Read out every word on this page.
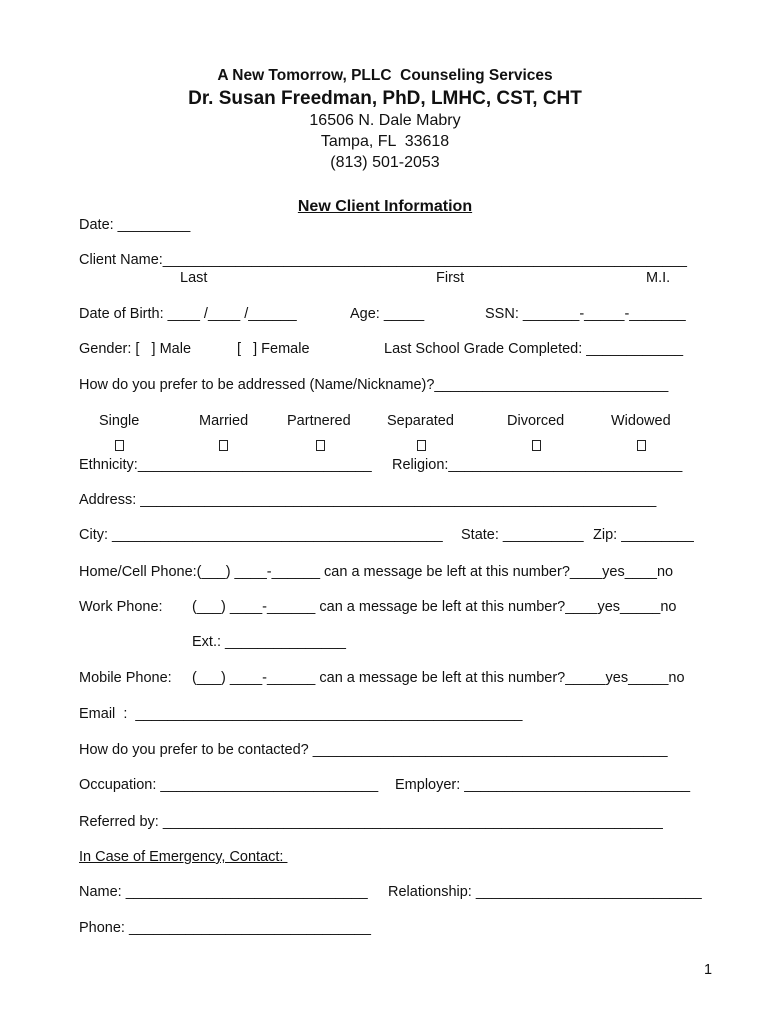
A New Tomorrow, PLLC  Counseling Services
Dr. Susan Freedman, PhD, LMHC, CST, CHT
16506 N. Dale Mabry
Tampa, FL  33618
(813) 501-2053
New Client Information
Date: _________
Client Name:_________________________________________________________________
Last	First	M.I.
Date of Birth: ____ /____ /______	Age: _____	SSN: _______-_____-_______
Gender: [   ] Male	[   ] Female	Last School Grade Completed: ____________
How do you prefer to be addressed (Name/Nickname)?_____________________________
Single	Married	Partnered	Separated	Divorced	Widowed
Ethnicity:_____________________________ Religion:_____________________________
Address: ________________________________________________________________
City: _________________________________________ State: __________ Zip: _________
Home/Cell Phone:(___) ____-______ can a message be left at this number?____yes____no
Work Phone: (___) ____-______ can a message be left at this number?____yes_____no
Ext.: _______________
Mobile Phone: (___) ____-______ can a message be left at this number?_____yes_____no
Email  :  ________________________________________________
How do you prefer to be contacted? ____________________________________________
Occupation: ___________________________ Employer: ____________________________
Referred by: ______________________________________________________________
In Case of Emergency, Contact:
Name: ______________________________ Relationship: ____________________________
Phone: ______________________________
1
